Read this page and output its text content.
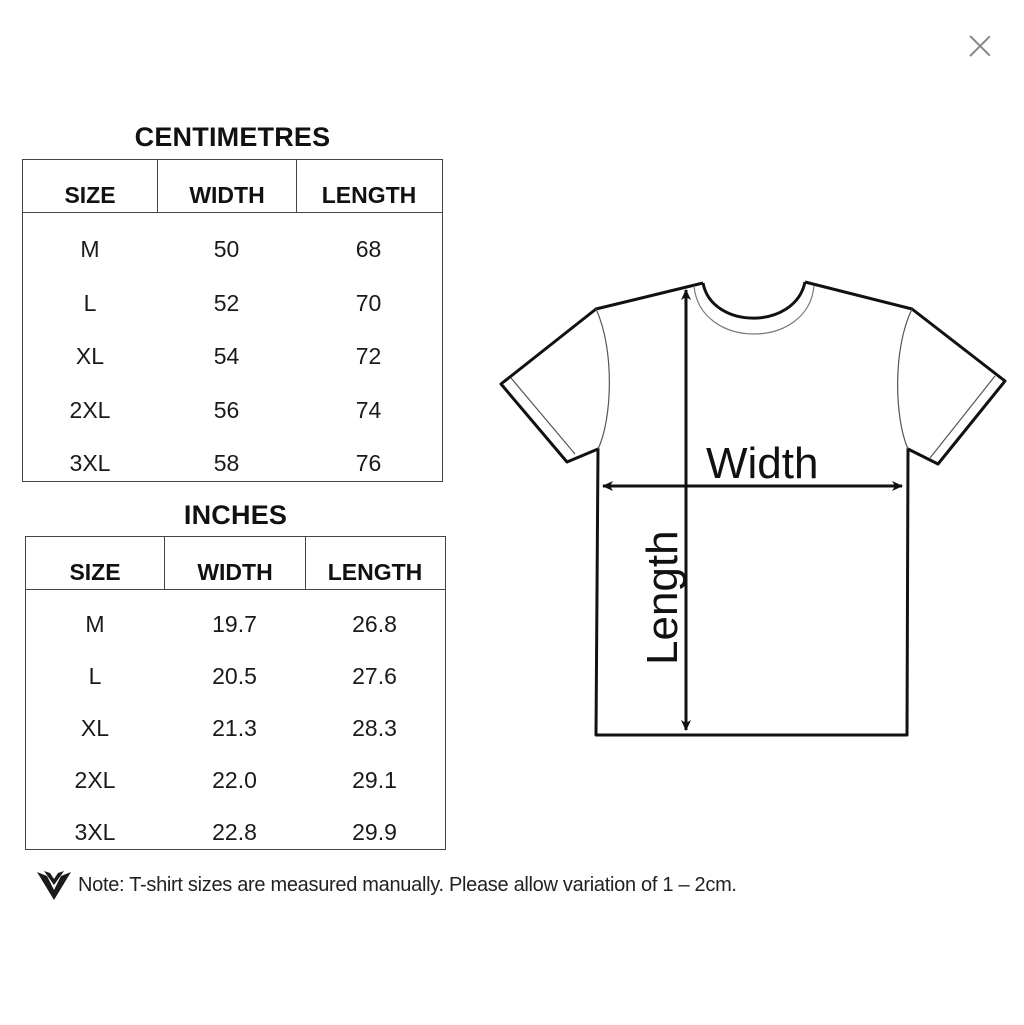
CENTIMETRES
SIZE	WIDTH	LENGTH
M	50	68
L	52	70
XL	54	72
2XL	56	74
3XL	58	76
INCHES
SIZE	WIDTH	LENGTH
M	19.7	26.8
L	20.5	27.6
XL	21.3	28.3
2XL	22.0	29.1
3XL	22.8	29.9
Width
Length
Note: T-shirt sizes are measured manually. Please allow variation of 1 – 2cm.
